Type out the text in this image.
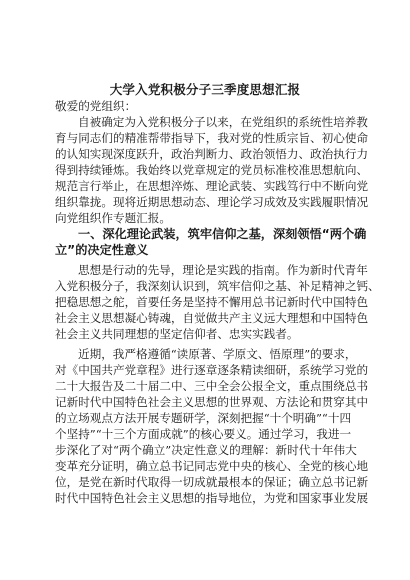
大学入党积极分子三季度思想汇报

敬爱的党组织：

自被确定为入党积极分子以来，在党组织的系统性培养教

育与同志们的精准帮带指导下，我对党的性质宗旨、初心使命

的认知实现深度跃升，政治判断力、政治领悟力、政治执行力

得到持续锤炼。我始终以党章规定的党员标准校准思想航向、

规范言行举止，在思想淬炼、理论武装、实践笃行中不断向党

组织靠拢。现将近期思想动态、理论学习成效及实践履职情况

向党组织作专题汇报。

一、深化理论武装，筑牢信仰之基，深刻领悟“两个确

立”的决定性意义

思想是行动的先导，理论是实践的指南。作为新时代青年

入党积极分子，我深刻认识到，筑牢信仰之基、补足精神之钙、

把稳思想之舵，首要任务是坚持不懈用总书记新时代中国特色

社会主义思想凝心铸魂，自觉做共产主义远大理想和中国特色

社会主义共同理想的坚定信仰者、忠实实践者。

近期，我严格遵循“读原著、学原文、悟原理”的要求，

对《中国共产党章程》进行逐章逐条精读细研，系统学习党的

二十大报告及二十届二中、三中全会公报全文，重点围绕总书

记新时代中国特色社会主义思想的世界观、方法论和贯穿其中

的立场观点方法开展专题研学，深刻把握“十个明确”“十四

个坚持”“十三个方面成就”的核心要义。通过学习，我进一

步深化了对“两个确立”决定性意义的理解：新时代十年伟大

变革充分证明，确立总书记同志党中央的核心、全党的核心地

位，是党在新时代取得一切成就最根本的保证；确立总书记新

时代中国特色社会主义思想的指导地位，为党和国家事业发展
